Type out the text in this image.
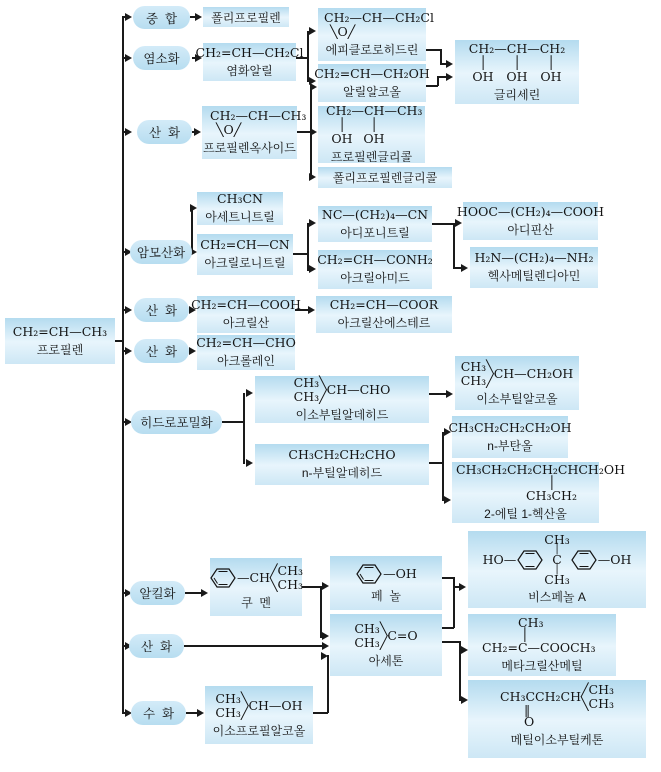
CH₂=CH—CH₃
프로필렌
중  합
염소화
산  화
암모산화
산  화
산  화
히드로포밀화
알킬화
산  화
수  화
폴리프로필렌
CH₂=CH—CH₂Cl
염화알릴
CH₂—CH—CH₃
╲O╱
프로필렌옥사이드
CH₂—CH—CH₂Cl
╲O╱
에피클로로히드린
CH₂=CH—CH₂OH
알릴알코올
CH₂—CH—CH₂
│	│	│
OH	OH	OH
글리세린
CH₂—CH—CH₃
│	│
OH OH
프로필렌글리콜
폴리프로필렌글리콜
CH₃CN
아세트니트릴
CH₂=CH—CN
아크릴로니트릴
NC—(CH₂)₄—CN
아디포니트릴
CH₂=CH—CONH₂
아크릴아미드
HOOC—(CH₂)₄—COOH
아디핀산
H₂N—(CH₂)₄—NH₂
헥사메틸렌디아민
CH₂=CH—COOH
아크릴산
CH₂=CH—COOR
아크릴산에스테르
CH₂=CH—CHO
아크롤레인
CH₃╲
CH₃╱ CH—CHO
이소부틸알데히드
CH₃CH₂CH₂CHO
n-부틸알데히드
CH₃╲
CH₃╱ CH—CH₂OH
이소부틸알코올
CH₃CH₂CH₂CH₂OH
n-부탄올
CH₃CH₂CH₂CH₂CHCH₂OH
│
CH₃CH₂
2-에틸 1-헥산올
—CH ╱CH₃
╲CH₃
쿠  멘
—OH
페  놀
CH₃╲
CH₃╱ C=O
아세톤
HO—
CH₃
│
C
│
CH₃
—OH
비스페놀 A
CH₃
│
CH₂=C—COOCH₃
메타크릴산메틸
CH₃CCH₂CH
‖
O
╱CH₃
╲CH₃
메틸이소부틸케톤
CH₃╲
CH₃╱ CH—OH
이소프로필알코올
